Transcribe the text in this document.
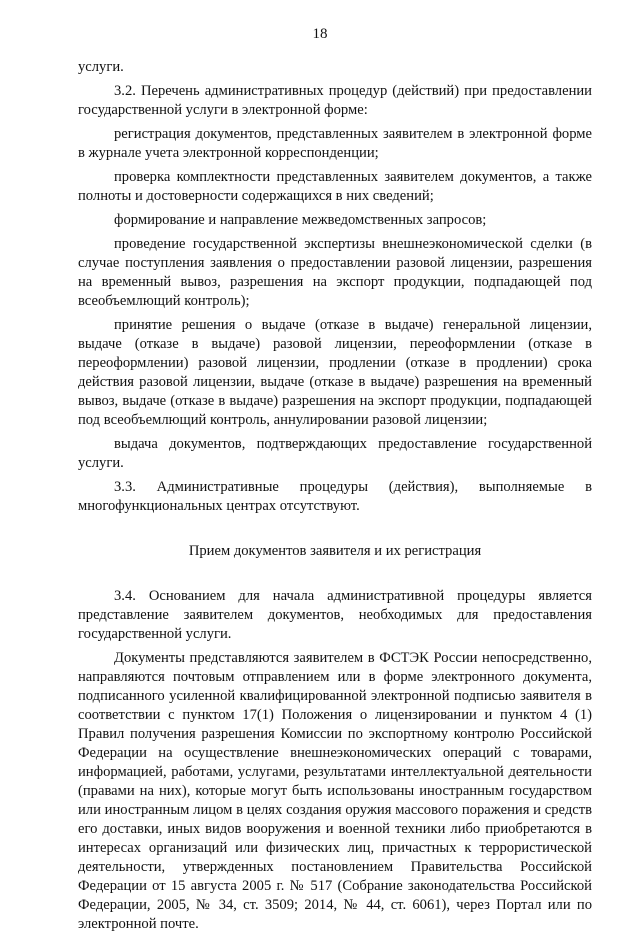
18

услуги.

3.2. Перечень административных процедур (действий) при предоставлении государственной услуги в электронной форме:

регистрация документов, представленных заявителем в электронной форме в журнале учета электронной корреспонденции;

проверка комплектности представленных заявителем документов, а также полноты и достоверности содержащихся в них сведений;

формирование и направление межведомственных запросов;

проведение государственной экспертизы внешнеэкономической сделки (в случае поступления заявления о предоставлении разовой лицензии, разрешения на временный вывоз, разрешения на экспорт продукции, подпадающей под всеобъемлющий контроль);

принятие решения о выдаче (отказе в выдаче) генеральной лицензии, выдаче (отказе в выдаче) разовой лицензии, переоформлении (отказе в переоформлении) разовой лицензии, продлении (отказе в продлении) срока действия разовой лицензии, выдаче (отказе в выдаче) разрешения на временный вывоз, выдаче (отказе в выдаче) разрешения на экспорт продукции, подпадающей под всеобъемлющий контроль, аннулировании разовой лицензии;

выдача документов, подтверждающих предоставление государственной услуги.

3.3. Административные процедуры (действия), выполняемые в многофункциональных центрах отсутствуют.

Прием документов заявителя и их регистрация

3.4. Основанием для начала административной процедуры является представление заявителем документов, необходимых для предоставления государственной услуги.

Документы представляются заявителем в ФСТЭК России непосредственно, направляются почтовым отправлением или в форме электронного документа, подписанного усиленной квалифицированной электронной подписью заявителя в соответствии с пунктом 17(1) Положения о лицензировании и пунктом 4 (1) Правил получения разрешения Комиссии по экспортному контролю Российской Федерации на осуществление внешнеэкономических операций с товарами, информацией, работами, услугами, результатами интеллектуальной деятельности (правами на них), которые могут быть использованы иностранным государством или иностранным лицом в целях создания оружия массового поражения и средств его доставки, иных видов вооружения и военной техники либо приобретаются в интересах организаций или физических лиц, причастных к террористической деятельности, утвержденных постановлением Правительства Российской Федерации от 15 августа 2005 г. № 517 (Собрание законодательства Российской Федерации, 2005, № 34, ст. 3509; 2014, № 44, ст. 6061), через Портал или по электронной почте.
